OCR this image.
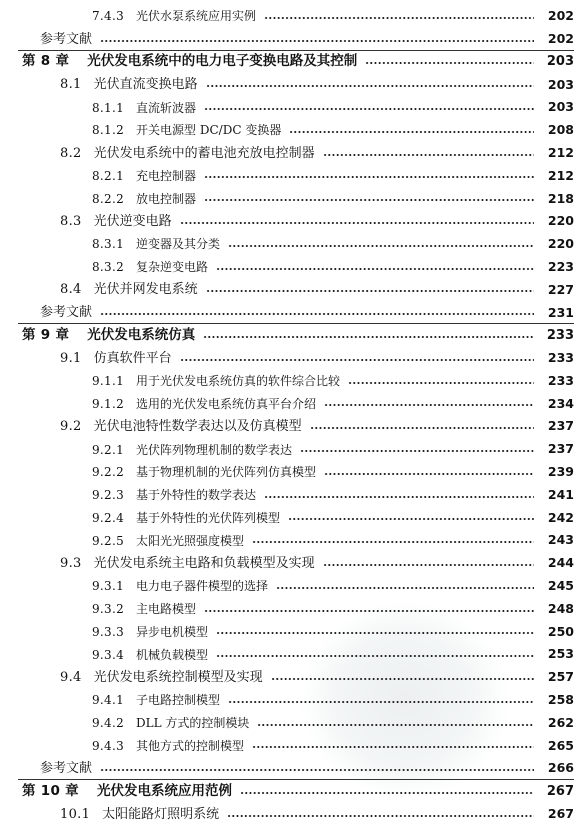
7.4.3 光伏水泵系统应用实例	202
参考文献	202
第 8 章 光伏发电系统中的电力电子变换电路及其控制	203
8.1 光伏直流变换电路	203
8.1.1 直流斩波器	203
8.1.2 开关电源型 DC/DC 变换器	208
8.2 光伏发电系统中的蓄电池充放电控制器	212
8.2.1 充电控制器	212
8.2.2 放电控制器	218
8.3 光伏逆变电路	220
8.3.1 逆变器及其分类	220
8.3.2 复杂逆变电路	223
8.4 光伏并网发电系统	227
参考文献	231
第 9 章 光伏发电系统仿真	233
9.1 仿真软件平台	233
9.1.1 用于光伏发电系统仿真的软件综合比较	233
9.1.2 选用的光伏发电系统仿真平台介绍	234
9.2 光伏电池特性数学表达以及仿真模型	237
9.2.1 光伏阵列物理机制的数学表达	237
9.2.2 基于物理机制的光伏阵列仿真模型	239
9.2.3 基于外特性的数学表达	241
9.2.4 基于外特性的光伏阵列模型	242
9.2.5 太阳光光照强度模型	243
9.3 光伏发电系统主电路和负载模型及实现	244
9.3.1 电力电子器件模型的选择	245
9.3.2 主电路模型	248
9.3.3 异步电机模型	250
9.3.4 机械负载模型	253
9.4 光伏发电系统控制模型及实现	257
9.4.1 子电路控制模型	258
9.4.2 DLL 方式的控制模块	262
9.4.3 其他方式的控制模型	265
参考文献	266
第 10 章 光伏发电系统应用范例	267
10.1 太阳能路灯照明系统	267
